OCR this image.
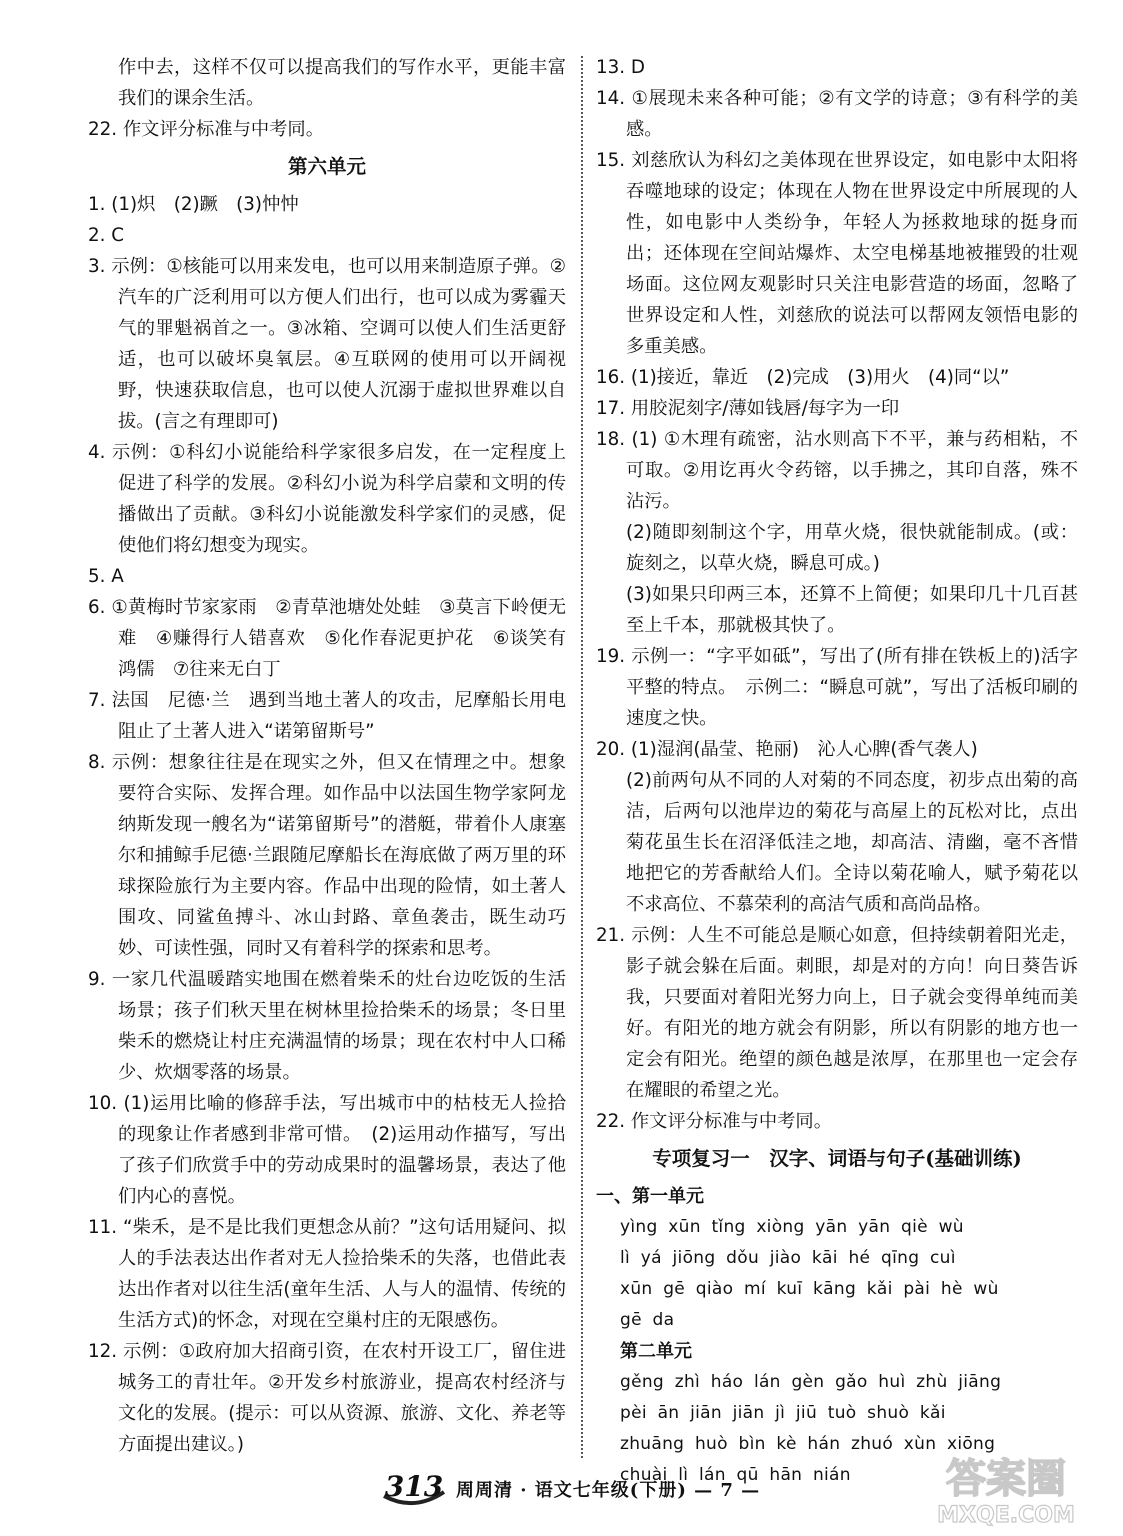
作中去，这样不仅可以提高我们的写作水平，更能丰富我们的课余生活。

22. 作文评分标准与中考同。

第六单元

1. (1)炽　(2)蹶　(3)忡忡

2. C

3. 示例：①核能可以用来发电，也可以用来制造原子弹。②汽车的广泛利用可以方便人们出行，也可以成为雾霾天气的罪魁祸首之一。③冰箱、空调可以使人们生活更舒适，也可以破坏臭氧层。④互联网的使用可以开阔视野，快速获取信息，也可以使人沉溺于虚拟世界难以自拔。(言之有理即可)

4. 示例：①科幻小说能给科学家很多启发，在一定程度上促进了科学的发展。②科幻小说为科学启蒙和文明的传播做出了贡献。③科幻小说能激发科学家们的灵感，促使他们将幻想变为现实。

5. A

6. ①黄梅时节家家雨　②青草池塘处处蛙　③莫言下岭便无难　④赚得行人错喜欢　⑤化作春泥更护花　⑥谈笑有鸿儒　⑦往来无白丁

7. 法国　尼德·兰　遇到当地土著人的攻击，尼摩船长用电阻止了土著人进入“诺第留斯号”

8. 示例：想象往往是在现实之外，但又在情理之中。想象要符合实际、发挥合理。如作品中以法国生物学家阿龙纳斯发现一艘名为“诺第留斯号”的潜艇，带着仆人康塞尔和捕鲸手尼德·兰跟随尼摩船长在海底做了两万里的环球探险旅行为主要内容。作品中出现的险情，如土著人围攻、同鲨鱼搏斗、冰山封路、章鱼袭击，既生动巧妙、可读性强，同时又有着科学的探索和思考。

9. 一家几代温暖踏实地围在燃着柴禾的灶台边吃饭的生活场景；孩子们秋天里在树林里捡拾柴禾的场景；冬日里柴禾的燃烧让村庄充满温情的场景；现在农村中人口稀少、炊烟零落的场景。

10. (1)运用比喻的修辞手法，写出城市中的枯枝无人捡拾的现象让作者感到非常可惜。　(2)运用动作描写，写出了孩子们欣赏手中的劳动成果时的温馨场景，表达了他们内心的喜悦。

11. “柴禾，是不是比我们更想念从前？”这句话用疑问、拟人的手法表达出作者对无人捡拾柴禾的失落，也借此表达出作者对以往生活(童年生活、人与人的温情、传统的生活方式)的怀念，对现在空巢村庄的无限感伤。

12. 示例：①政府加大招商引资，在农村开设工厂，留住进城务工的青壮年。②开发乡村旅游业，提高农村经济与文化的发展。(提示：可以从资源、旅游、文化、养老等方面提出建议。)

13. D

14. ①展现未来各种可能；②有文学的诗意；③有科学的美感。

15. 刘慈欣认为科幻之美体现在世界设定，如电影中太阳将吞噬地球的设定；体现在人物在世界设定中所展现的人性，如电影中人类纷争，年轻人为拯救地球的挺身而出；还体现在空间站爆炸、太空电梯基地被摧毁的壮观场面。这位网友观影时只关注电影营造的场面，忽略了世界设定和人性，刘慈欣的说法可以帮网友领悟电影的多重美感。

16. (1)接近，靠近　(2)完成　(3)用火　(4)同“以”

17. 用胶泥刻字/薄如钱唇/每字为一印

18. (1) ①木理有疏密，沾水则高下不平，兼与药相粘，不可取。②用讫再火令药镕，以手拂之，其印自落，殊不沾污。

(2)随即刻制这个字，用草火烧，很快就能制成。(或：旋刻之，以草火烧，瞬息可成。)

(3)如果只印两三本，还算不上简便；如果印几十几百甚至上千本，那就极其快了。

19. 示例一：“字平如砥”，写出了(所有排在铁板上的)活字平整的特点。　示例二：“瞬息可就”，写出了活板印刷的速度之快。

20. (1)湿润(晶莹、艳丽)　沁人心脾(香气袭人)

(2)前两句从不同的人对菊的不同态度，初步点出菊的高洁，后两句以池岸边的菊花与高屋上的瓦松对比，点出菊花虽生长在沼泽低洼之地，却高洁、清幽，毫不吝惜地把它的芳香献给人们。全诗以菊花喻人，赋予菊花以不求高位、不慕荣利的高洁气质和高尚品格。

21. 示例：人生不可能总是顺心如意，但持续朝着阳光走，影子就会躲在后面。刺眼，却是对的方向！向日葵告诉我，只要面对着阳光努力向上，日子就会变得单纯而美好。有阳光的地方就会有阴影，所以有阴影的地方也一定会有阳光。绝望的颜色越是浓厚，在那里也一定会存在耀眼的希望之光。

22. 作文评分标准与中考同。

专项复习一　汉字、词语与句子(基础训练)

一、第一单元

yìng xūn tǐng xiòng yān yān qiè wù

lì yá jiōng dǒu jiào kāi hé qīng cuì

xūn gē qiào mí kuī kāng kǎi pài hè wù

gē da

第二单元

gěng zhì háo lán gèn gǎo huì zhù jiāng

pèi ān jiān jiān jì jiū tuò shuò kǎi

zhuāng huò bìn kè hán zhuó xùn xiōng

chuài lì lán qū hān nián

313 周周清 · 语文七年级(下册) — 7 —	答案圈
MXQE.COM
